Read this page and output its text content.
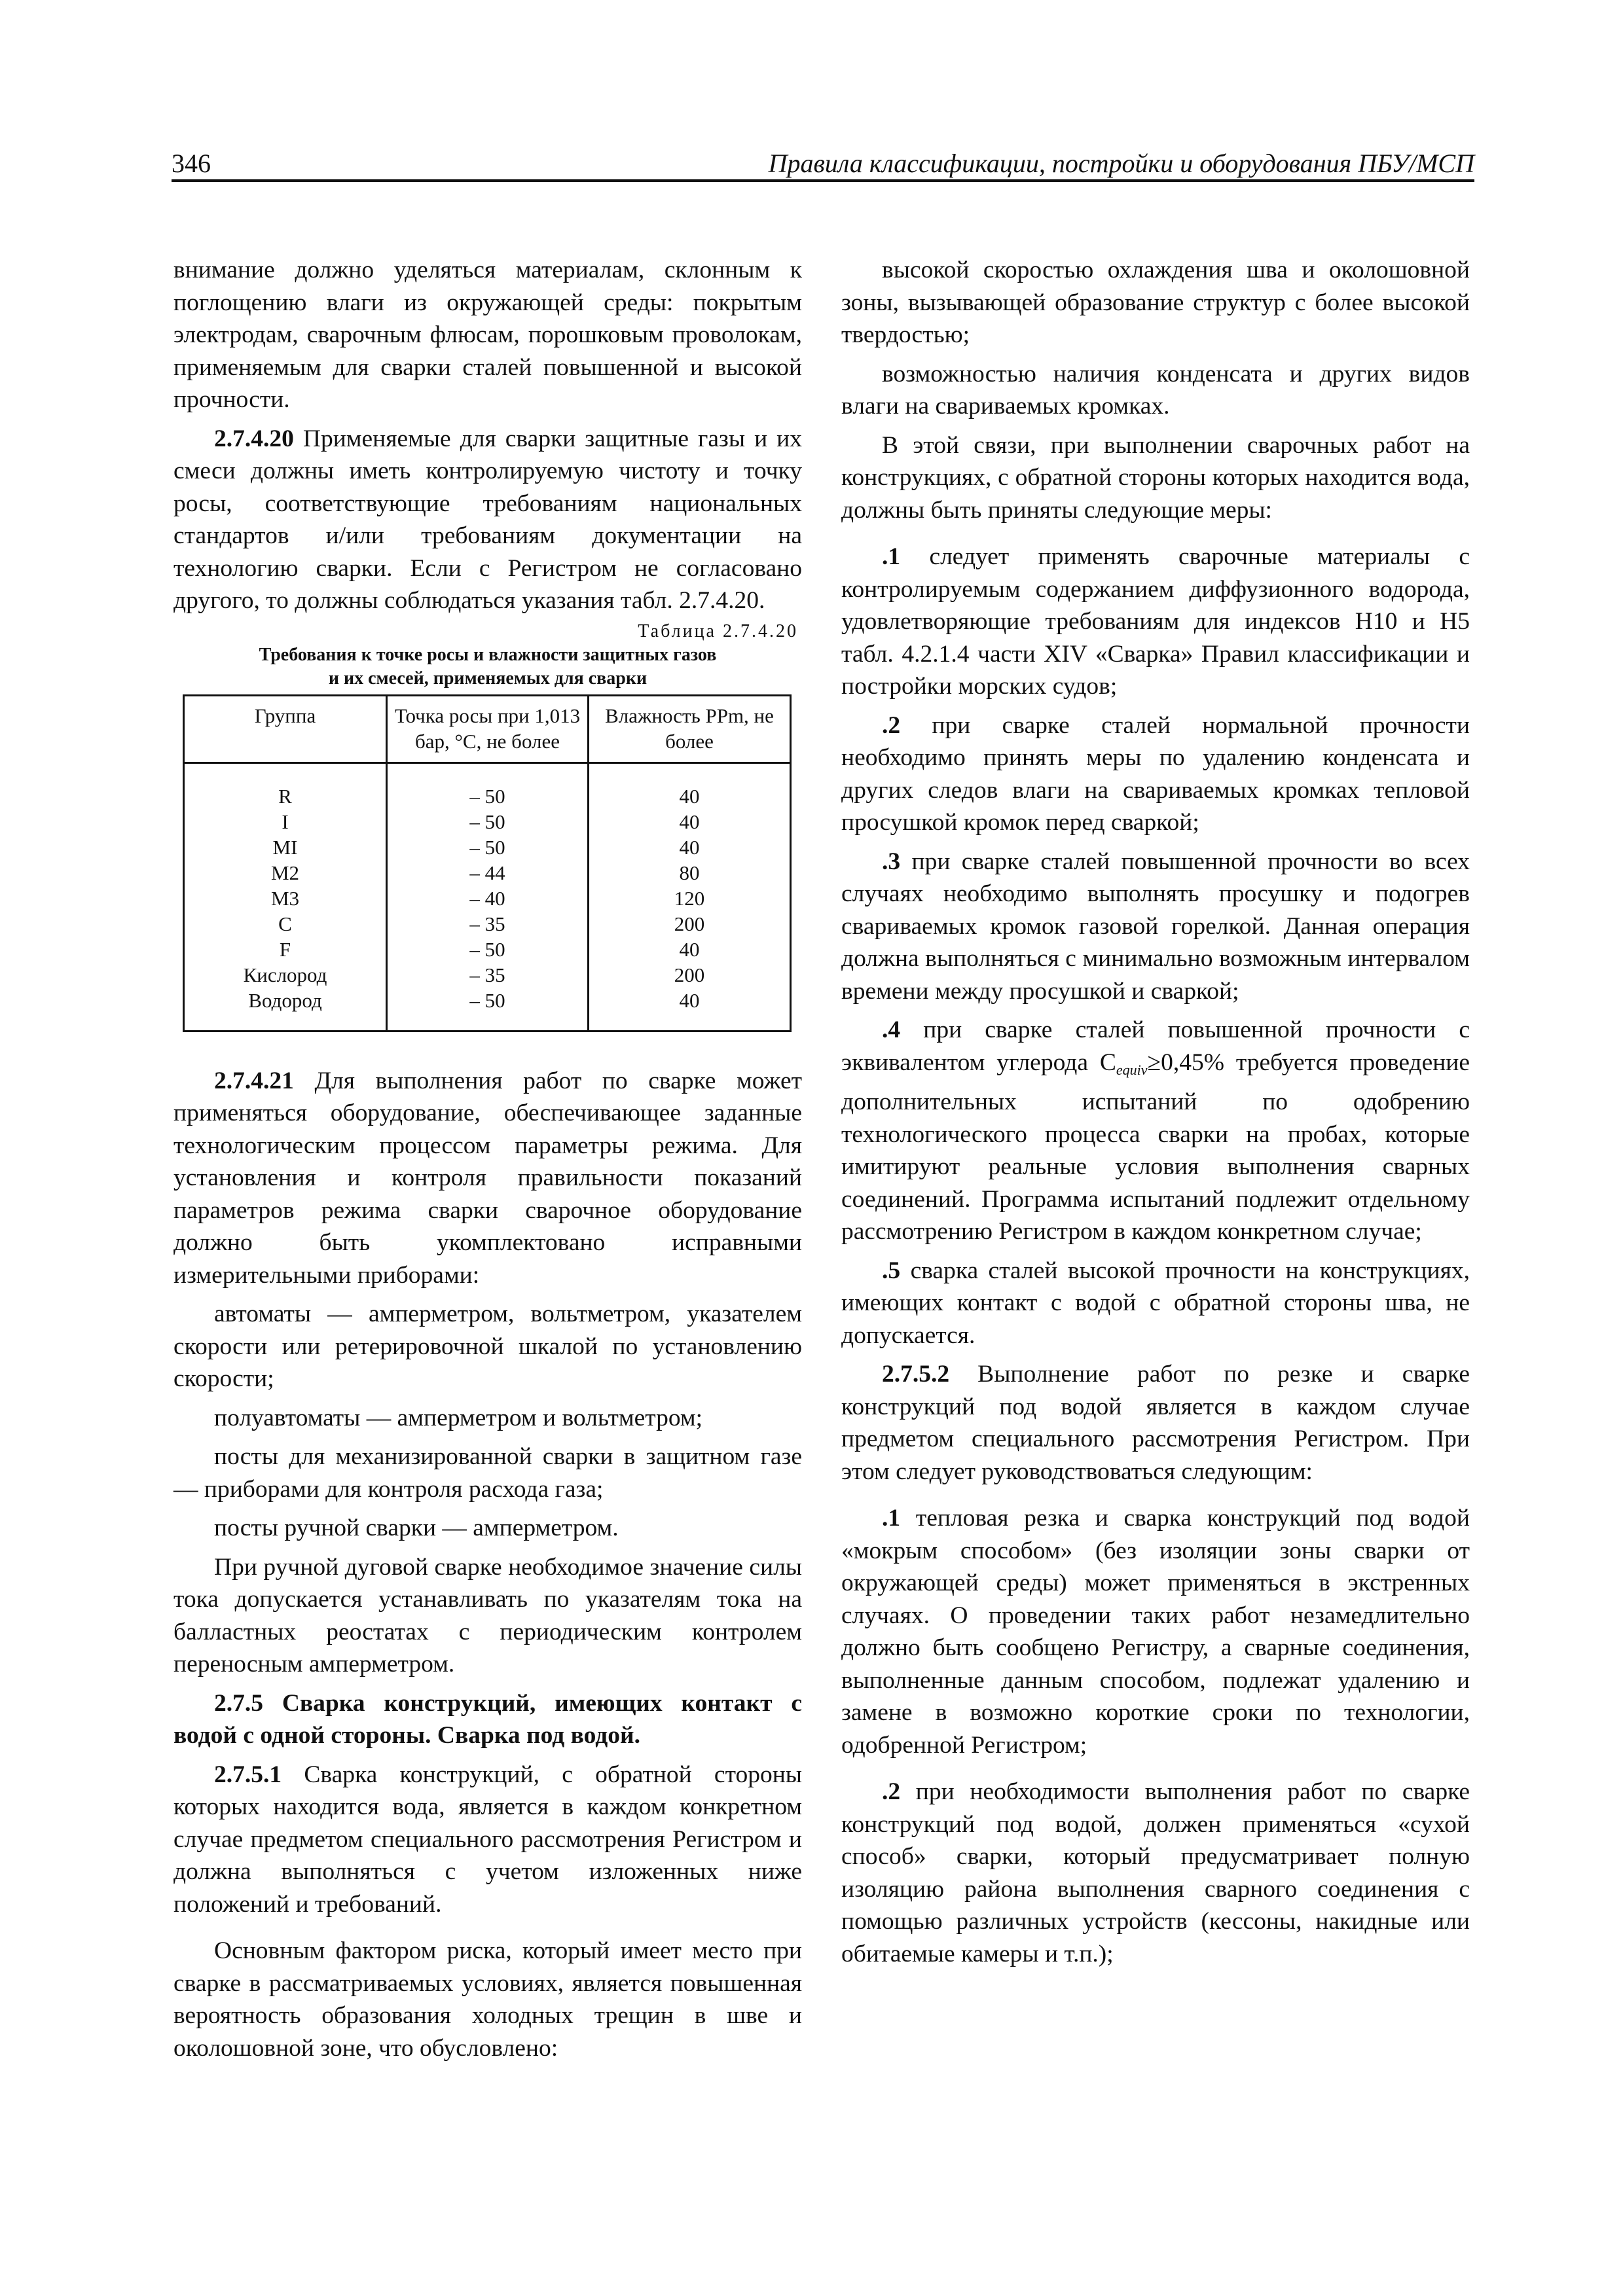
346	Правила классификации, постройки и оборудования ПБУ/МСП

внимание должно уделяться материалам, склонным к поглощению влаги из окружающей среды: покрытым электродам, сварочным флюсам, порошковым проволокам, применяемым для сварки сталей повышенной и высокой прочности.

2.7.4.20 Применяемые для сварки защитные газы и их смеси должны иметь контролируемую чистоту и точку росы, соответствующие требованиям национальных стандартов и/или требованиям документации на технологию сварки. Если с Регистром не согласовано другого, то должны соблюдаться указания табл. 2.7.4.20.

Таблица 2.7.4.20
Требования к точке росы и влажности защитных газов
и их смесей, применяемых для сварки
Группа	Точка росы при 1,013 бар, °С, не более	Влажность PPm, не более
R	– 50	40
I	– 50	40
MI	– 50	40
M2	– 44	80
M3	– 40	120
C	– 35	200
F	– 50	40
Кислород	– 35	200
Водород	– 50	40

2.7.4.21 Для выполнения работ по сварке может применяться оборудование, обеспечивающее заданные технологическим процессом параметры режима. Для установления и контроля правильности показаний параметров режима сварки сварочное оборудование должно быть укомплектовано исправными измерительными приборами:

автоматы — амперметром, вольтметром, указателем скорости или ретерировочной шкалой по установлению скорости;

полуавтоматы — амперметром и вольтметром;

посты для механизированной сварки в защитном газе — приборами для контроля расхода газа;

посты ручной сварки — амперметром.

При ручной дуговой сварке необходимое значение силы тока допускается устанавливать по указателям тока на балластных реостатах с периодическим контролем переносным амперметром.

2.7.5 Сварка конструкций, имеющих контакт с водой с одной стороны. Сварка под водой.

2.7.5.1 Сварка конструкций, с обратной стороны которых находится вода, является в каждом конкретном случае предметом специального рассмотрения Регистром и должна выполняться с учетом изложенных ниже положений и требований.

Основным фактором риска, который имеет место при сварке в рассматриваемых условиях, является повышенная вероятность образования холодных трещин в шве и околошовной зоне, что обусловлено:

высокой скоростью охлаждения шва и околошовной зоны, вызывающей образование структур с более высокой твердостью;

возможностью наличия конденсата и других видов влаги на свариваемых кромках.

В этой связи, при выполнении сварочных работ на конструкциях, с обратной стороны которых находится вода, должны быть приняты следующие меры:

.1 следует применять сварочные материалы с контролируемым содержанием диффузионного водорода, удовлетворяющие требованиям для индексов Н10 и Н5 табл. 4.2.1.4 части XIV «Сварка» Правил классификации и постройки морских судов;

.2 при сварке сталей нормальной прочности необходимо принять меры по удалению конденсата и других следов влаги на свариваемых кромках тепловой просушкой кромок перед сваркой;

.3 при сварке сталей повышенной прочности во всех случаях необходимо выполнять просушку и подогрев свариваемых кромок газовой горелкой. Данная операция должна выполняться с минимально возможным интервалом времени между просушкой и сваркой;

.4 при сварке сталей повышенной прочности с эквивалентом углерода $C_{equiv}\ge 0,45\%$ требуется проведение дополнительных испытаний по одобрению технологического процесса сварки на пробах, которые имитируют реальные условия выполнения сварных соединений. Программа испытаний подлежит отдельному рассмотрению Регистром в каждом конкретном случае;

.5 сварка сталей высокой прочности на конструкциях, имеющих контакт с водой с обратной стороны шва, не допускается.

2.7.5.2 Выполнение работ по резке и сварке конструкций под водой является в каждом случае предметом специального рассмотрения Регистром. При этом следует руководствоваться следующим:

.1 тепловая резка и сварка конструкций под водой «мокрым способом» (без изоляции зоны сварки от окружающей среды) может применяться в экстренных случаях. О проведении таких работ незамедлительно должно быть сообщено Регистру, а сварные соединения, выполненные данным способом, подлежат удалению и замене в возможно короткие сроки по технологии, одобренной Регистром;

.2 при необходимости выполнения работ по сварке конструкций под водой, должен применяться «сухой способ» сварки, который предусматривает полную изоляцию района выполнения сварного соединения с помощью различных устройств (кессоны, накидные или обитаемые камеры и т.п.);
